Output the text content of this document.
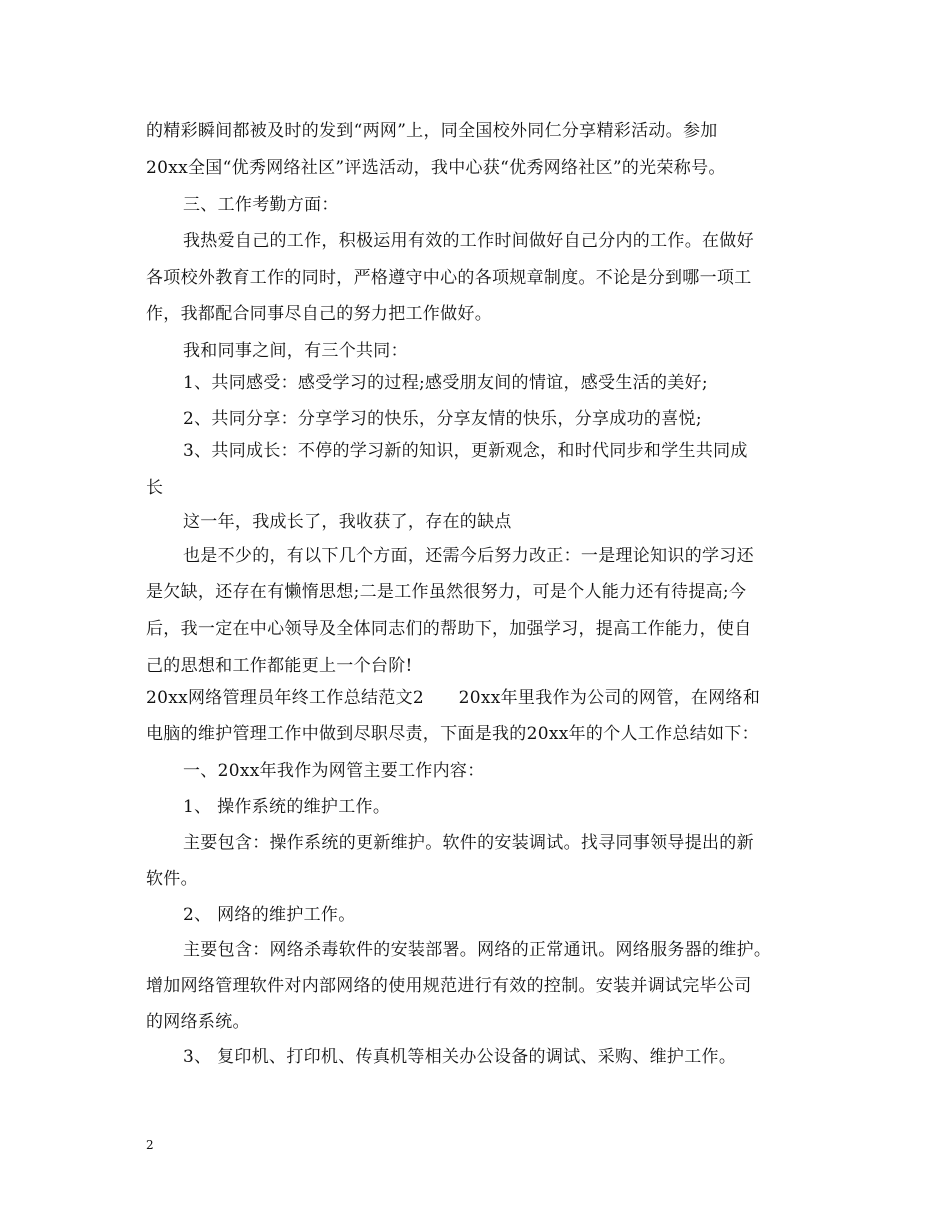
的精彩瞬间都被及时的发到“两网”上，同全国校外同仁分享精彩活动。参加
20xx全国“优秀网络社区”评选活动，我中心获“优秀网络社区”的光荣称号。
三、工作考勤方面：
我热爱自己的工作，积极运用有效的工作时间做好自己分内的工作。在做好
各项校外教育工作的同时，严格遵守中心的各项规章制度。不论是分到哪一项工
作，我都配合同事尽自己的努力把工作做好。
我和同事之间，有三个共同：
1、共同感受：感受学习的过程;感受朋友间的情谊，感受生活的美好;
2、共同分享：分享学习的快乐，分享友情的快乐，分享成功的喜悦;
3、共同成长：不停的学习新的知识，更新观念，和时代同步和学生共同成
长
这一年，我成长了，我收获了，存在的缺点
也是不少的，有以下几个方面，还需今后努力改正：一是理论知识的学习还
是欠缺，还存在有懒惰思想;二是工作虽然很努力，可是个人能力还有待提高;今
后，我一定在中心领导及全体同志们的帮助下，加强学习，提高工作能力，使自
己的思想和工作都能更上一个台阶!
20xx网络管理员年终工作总结范文2　　20xx年里我作为公司的网管，在网络和
电脑的维护管理工作中做到尽职尽责，下面是我的20xx年的个人工作总结如下：
一、20xx年我作为网管主要工作内容：
1、 操作系统的维护工作。
主要包含：操作系统的更新维护。软件的安装调试。找寻同事领导提出的新
软件。
2、 网络的维护工作。
主要包含：网络杀毒软件的安装部署。网络的正常通讯。网络服务器的维护。
增加网络管理软件对内部网络的使用规范进行有效的控制。安装并调试完毕公司
的网络系统。
3、 复印机、打印机、传真机等相关办公设备的调试、采购、维护工作。
2
